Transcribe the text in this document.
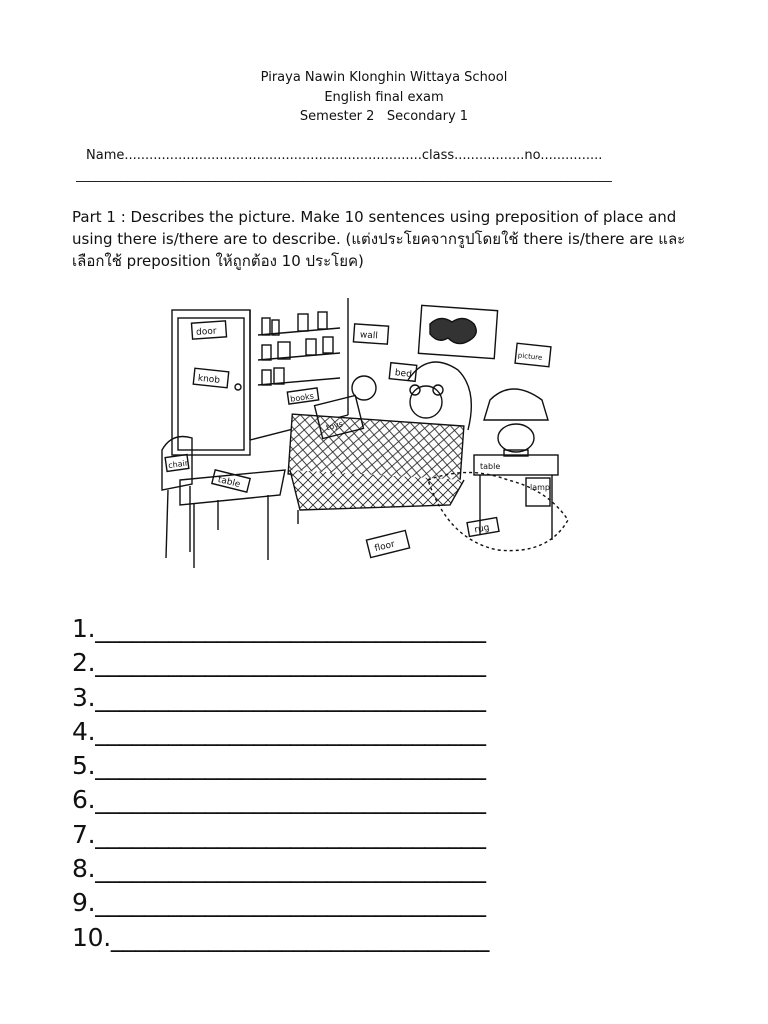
Piraya Nawin Klonghin Wittaya School
English final exam
Semester 2   Secondary 1
Name........................................................................class.................no...............
_____________________________________________________________________________________
Part 1 : Describes the picture. Make 10 sentences using preposition of place and using there is/there are to describe. (แต่งประโยคจากรูปโดยใช้ there is/there are และเลือกใช้ preposition ให้ถูกต้อง 10 ประโยค)
door
knob
books
wall
bed
picture
toys
chair
table
table
lamp
floor
rug
1.________________________________
2.________________________________
3.________________________________
4.________________________________
5.________________________________
6.________________________________
7.________________________________
8.________________________________
9.________________________________
10._______________________________
